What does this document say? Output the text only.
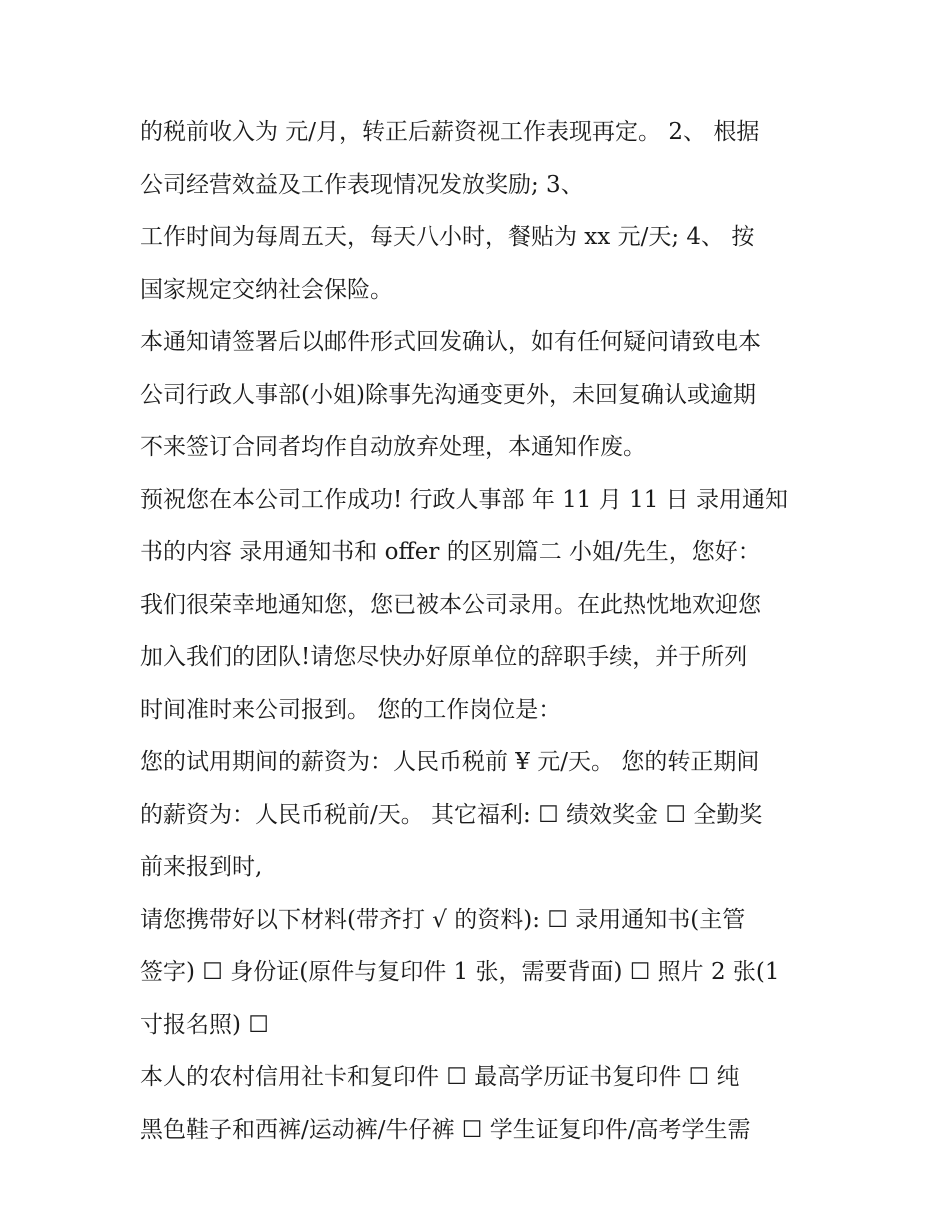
的税前收入为 元/月，转正后薪资视工作表现再定。 2、 根据
公司经营效益及工作表现情况发放奖励; 3、
工作时间为每周五天，每天八小时，餐贴为 xx 元/天; 4、 按
国家规定交纳社会保险。
本通知请签署后以邮件形式回发确认，如有任何疑问请致电本
公司行政人事部(小姐)除事先沟通变更外，未回复确认或逾期
不来签订合同者均作自动放弃处理，本通知作废。
预祝您在本公司工作成功! 行政人事部 年 11 月 11 日 录用通知
书的内容 录用通知书和 offer 的区别篇二 小姐/先生，您好：
我们很荣幸地通知您，您已被本公司录用。在此热忱地欢迎您
加入我们的团队!请您尽快办好原单位的辞职手续，并于所列
时间准时来公司报到。 您的工作岗位是：
您的试用期间的薪资为：人民币税前 ¥ 元/天。 您的转正期间
的薪资为：人民币税前/天。 其它福利: ☐ 绩效奖金 ☐ 全勤奖
前来报到时,
请您携带好以下材料(带齐打 √ 的资料): ☐ 录用通知书(主管
签字) ☐ 身份证(原件与复印件 1 张，需要背面) ☐ 照片 2 张(1
寸报名照) ☐
本人的农村信用社卡和复印件 ☐ 最高学历证书复印件 ☐ 纯
黑色鞋子和西裤/运动裤/牛仔裤 ☐ 学生证复印件/高考学生需
